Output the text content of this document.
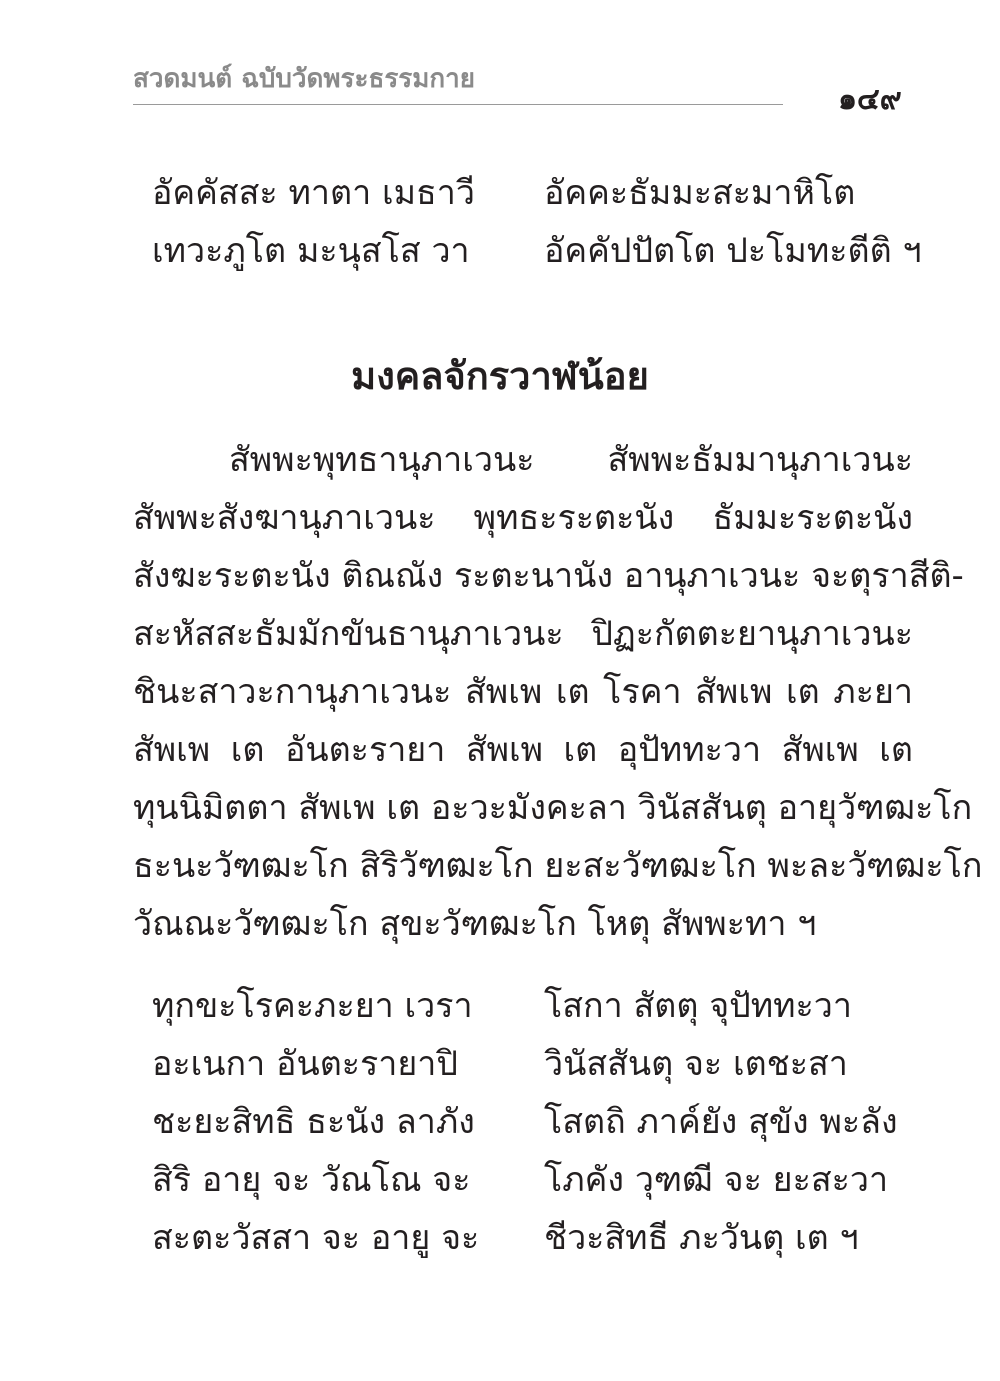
สวดมนต์ ฉบับวัดพระธรรมกาย
๑๔๙
อัคคัสสะ ทาตา เมธาวี อัคคะธัมมะสะมาหิโต
เทวะภูโต มะนุสโส วา อัคคัปปัตโต ปะโมทะตีติ ฯ
มงคลจักรวาฬน้อย
สัพพะพุทธานุภาเวนะ สัพพะธัมมานุภาเวนะ
สัพพะสังฆานุภาเวนะ พุทธะระตะนัง ธัมมะระตะนัง
สังฆะระตะนัง ติณณัง ระตะนานัง อานุภาเวนะ จะตุราสีติ-
สะหัสสะธัมมักขันธานุภาเวนะ ปิฏะกัตตะยานุภาเวนะ
ชินะสาวะกานุภาเวนะ สัพเพ เต โรคา สัพเพ เต ภะยา
สัพเพ เต อันตะรายา สัพเพ เต อุปัททะวา สัพเพ เต
ทุนนิมิตตา สัพเพ เต อะวะมังคะลา วินัสสันตุ อายุวัฑฒะโก
ธะนะวัฑฒะโก สิริวัฑฒะโก ยะสะวัฑฒะโก พะละวัฑฒะโก
วัณณะวัฑฒะโก สุขะวัฑฒะโก โหตุ สัพพะทา ฯ
ทุกขะโรคะภะยา เวรา โสกา สัตตุ จุปัททะวา
อะเนกา อันตะรายาปิ	วินัสสันตุ จะ เตชะสา
ชะยะสิทธิ ธะนัง ลาภัง โสตถิ ภาค์ยัง สุขัง พะลัง
สิริ อายุ จะ วัณโณ จะ โภคัง วุฑฒี จะ ยะสะวา
สะตะวัสสา จะ อายู จะ ชีวะสิทธี ภะวันตุ เต ฯ
